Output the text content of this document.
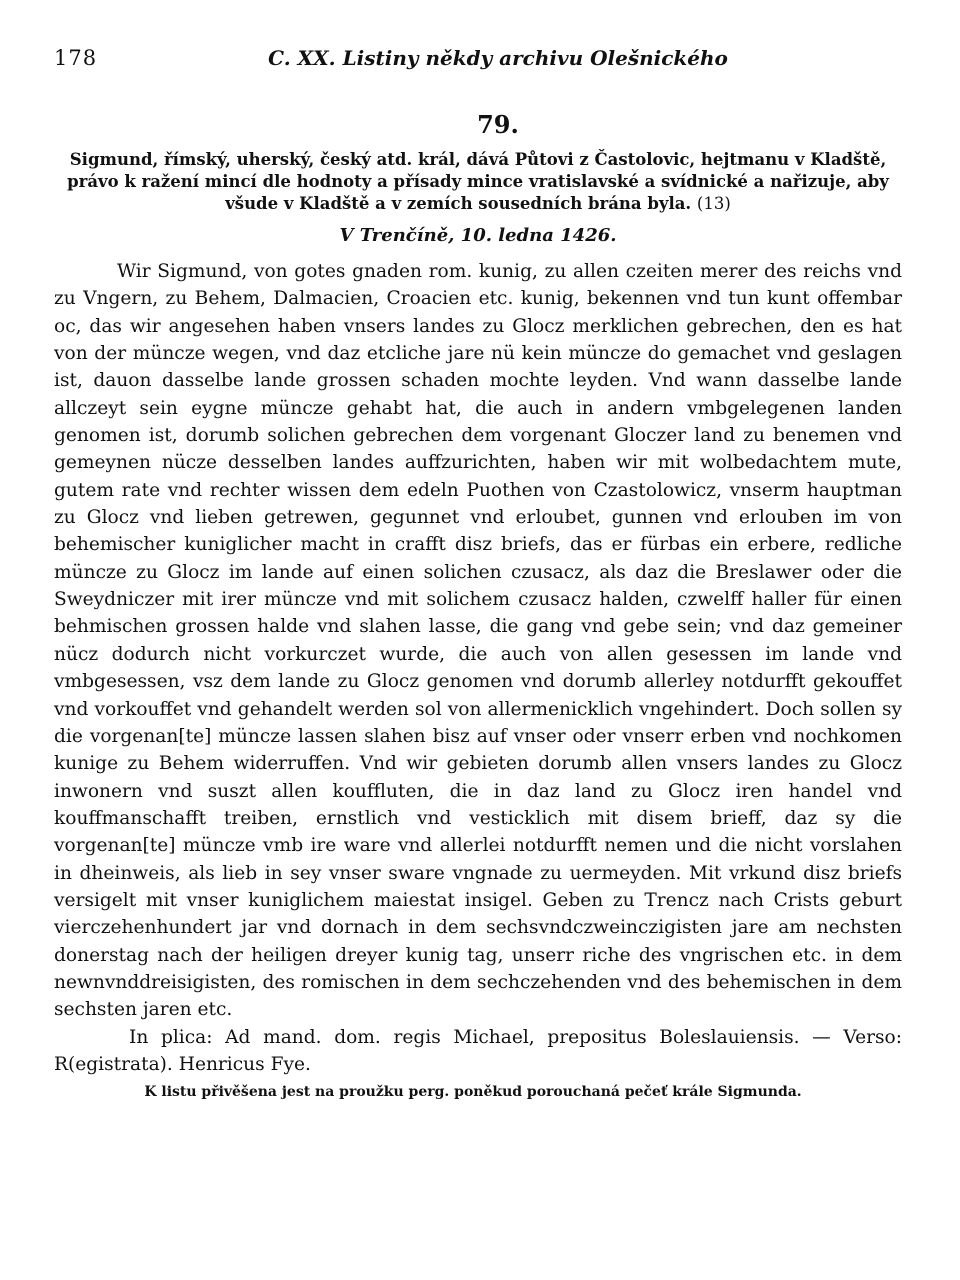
178	C. XX. Listiny někdy archivu Olešnického
79.

Sigmund, římský, uherský, český atd. král, dává Půtovi z Častolovic, hejtmanu v Kladště, právo k ražení mincí dle hodnoty a přísady mince vratislavské a svídnické a nařizuje, aby všude v Kladště a v zemích sousedních brána byla. (13)

V Trenčíně, 10. ledna 1426.

Wir Sigmund, von gotes gnaden rom. kunig, zu allen czeiten merer des reichs vnd zu Vngern, zu Behem, Dalmacien, Croacien etc. kunig, bekennen vnd tun kunt offembar oc, das wir angesehen haben vnsers landes zu Glocz merklichen gebrechen, den es hat von der müncze wegen, vnd daz etcliche jare nü kein müncze do gemachet vnd geslagen ist, dauon dasselbe lande grossen schaden mochte leyden. Vnd wann dasselbe lande allczeyt sein eygne müncze gehabt hat, die auch in andern vmbgelegenen landen genomen ist, dorumb solichen gebrechen dem vorgenant Gloczer land zu benemen vnd gemeynen nücze desselben landes auffzurichten, haben wir mit wolbedachtem mute, gutem rate vnd rechter wissen dem edeln Puothen von Czastolowicz, vnserm hauptman zu Glocz vnd lieben getrewen, gegunnet vnd erloubet, gunnen vnd erlouben im von behemischer kuniglicher macht in crafft disz briefs, das er fürbas ein erbere, redliche müncze zu Glocz im lande auf einen solichen czusacz, als daz die Breslawer oder die Sweydniczer mit irer müncze vnd mit solichem czusacz halden, czwelff haller für einen behmischen grossen halde vnd slahen lasse, die gang vnd gebe sein; vnd daz gemeiner nücz dodurch nicht vorkurczet wurde, die auch von allen gesessen im lande vnd vmbgesessen, vsz dem lande zu Glocz genomen vnd dorumb allerley notdurfft gekouffet vnd vorkouffet vnd gehandelt werden sol von allermenicklich vngehindert. Doch sollen sy die vorgenan[te] müncze lassen slahen bisz auf vnser oder vnserr erben vnd nochkomen kunige zu Behem widerruffen. Vnd wir gebieten dorumb allen vnsers landes zu Glocz inwonern vnd suszt allen kouffluten, die in daz land zu Glocz iren handel vnd kouffmanschafft treiben, ernstlich vnd vesticklich mit disem brieff, daz sy die vorgenan[te] müncze vmb ire ware vnd allerlei notdurfft nemen und die nicht vorslahen in dheinweis, als lieb in sey vnser sware vngnade zu uermeyden. Mit vrkund disz briefs versigelt mit vnser kuniglichem maiestat insigel. Geben zu Trencz nach Crists geburt vierczehenhundert jar vnd dornach in dem sechsvndczweinczigisten jare am nechsten donerstag nach der heiligen dreyer kunig tag, unserr riche des vngrischen etc. in dem newnvnddreisigisten, des romischen in dem sechczehenden vnd des behemischen in dem sechsten jaren etc.

In plica: Ad mand. dom. regis Michael, prepositus Boleslauiensis. — Verso: R(egistrata). Henricus Fye.

K listu přivěšena jest na proužku perg. poněkud porouchaná pečeť krále Sigmunda.
